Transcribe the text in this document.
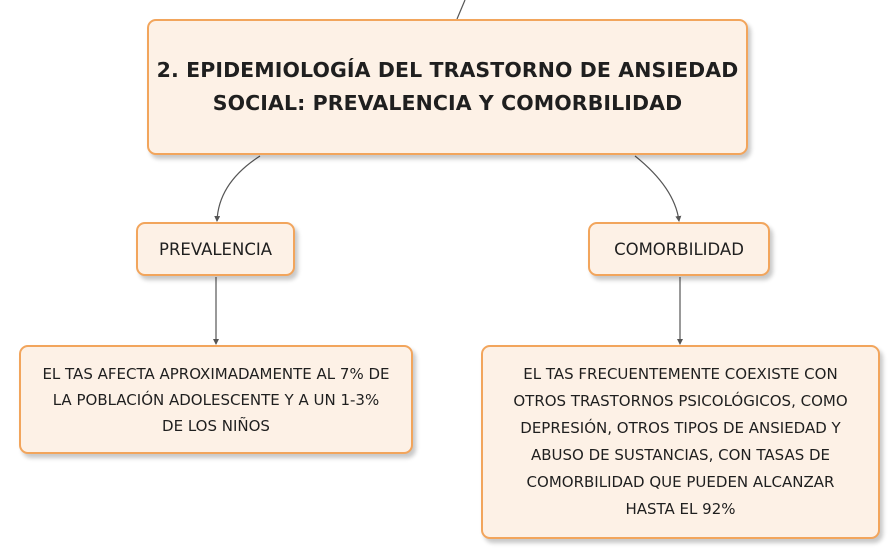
2. EPIDEMIOLOGÍA DEL TRASTORNO DE ANSIEDAD
SOCIAL: PREVALENCIA Y COMORBILIDAD
PREVALENCIA	COMORBILIDAD
EL TAS AFECTA APROXIMADAMENTE AL 7% DE
LA POBLACIÓN ADOLESCENTE Y A UN 1-3%
DE LOS NIÑOS
EL TAS FRECUENTEMENTE COEXISTE CON
OTROS TRASTORNOS PSICOLÓGICOS, COMO
DEPRESIÓN, OTROS TIPOS DE ANSIEDAD Y
ABUSO DE SUSTANCIAS, CON TASAS DE
COMORBILIDAD QUE PUEDEN ALCANZAR
HASTA EL 92%
